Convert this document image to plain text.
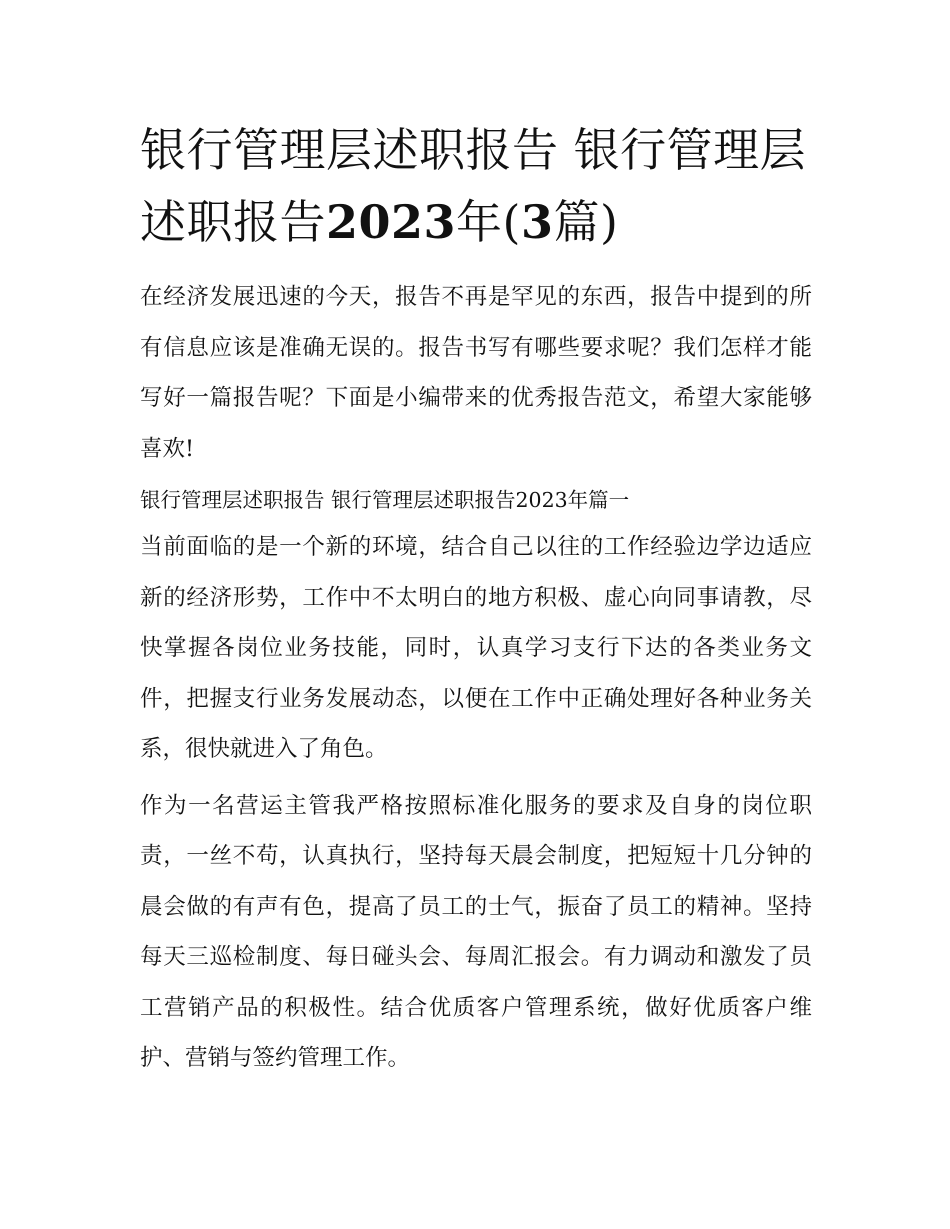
银行管理层述职报告 银行管理层述职报告2023年(3篇)

在经济发展迅速的今天，报告不再是罕见的东西，报告中提到的所有信息应该是准确无误的。报告书写有哪些要求呢？我们怎样才能写好一篇报告呢？下面是小编带来的优秀报告范文，希望大家能够喜欢!

银行管理层述职报告 银行管理层述职报告2023年篇一

当前面临的是一个新的环境，结合自己以往的工作经验边学边适应新的经济形势，工作中不太明白的地方积极、虚心向同事请教，尽快掌握各岗位业务技能，同时，认真学习支行下达的各类业务文件，把握支行业务发展动态，以便在工作中正确处理好各种业务关系，很快就进入了角色。

作为一名营运主管我严格按照标准化服务的要求及自身的岗位职责，一丝不苟，认真执行，坚持每天晨会制度，把短短十几分钟的晨会做的有声有色，提高了员工的士气，振奋了员工的精神。坚持每天三巡检制度、每日碰头会、每周汇报会。有力调动和激发了员工营销产品的积极性。结合优质客户管理系统，做好优质客户维护、营销与签约管理工作。
